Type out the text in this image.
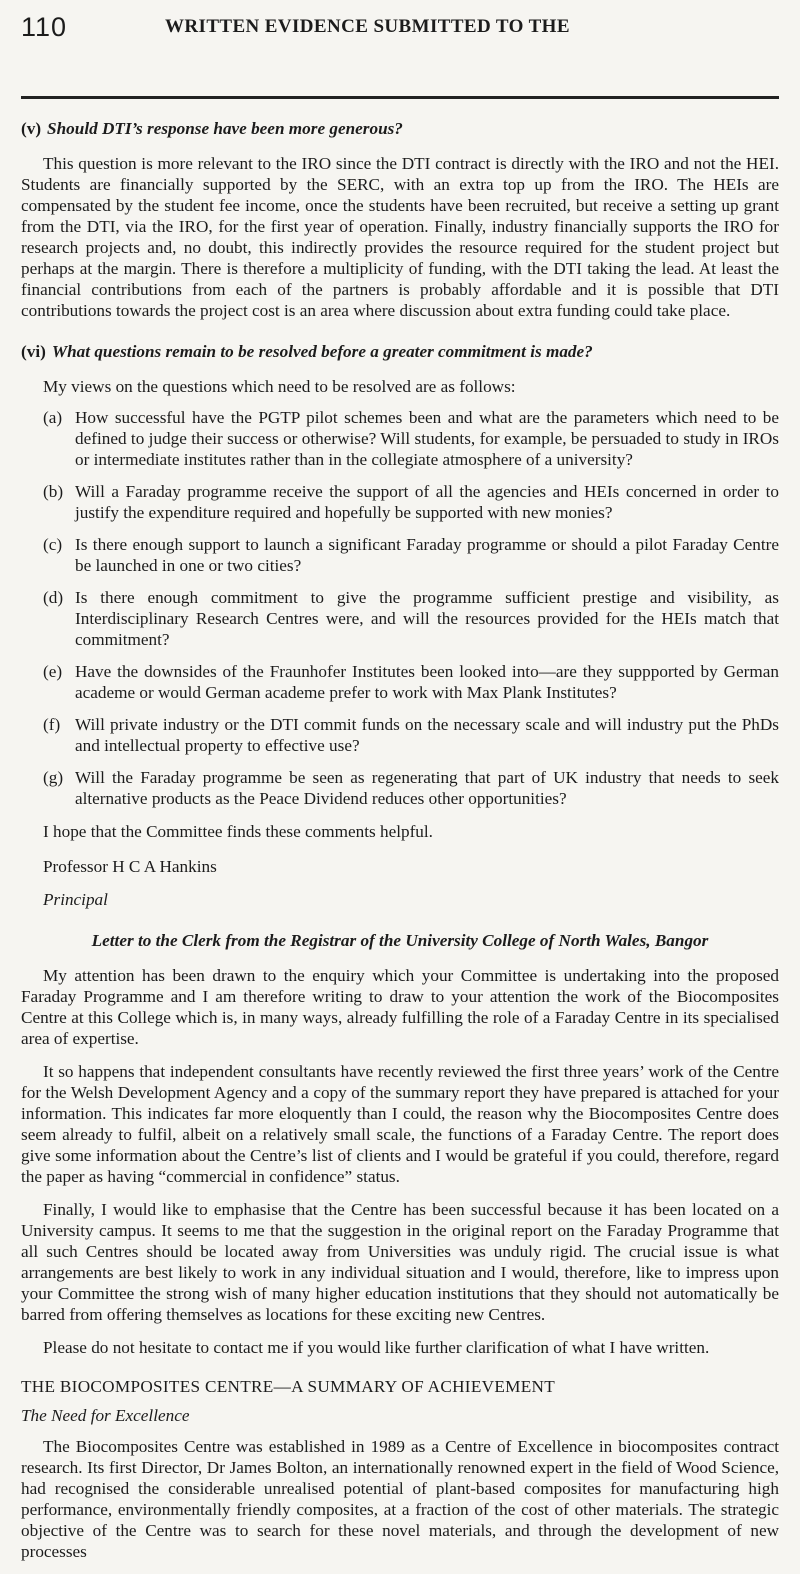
110	WRITTEN EVIDENCE SUBMITTED TO THE
(v) Should DTI’s response have been more generous?

This question is more relevant to the IRO since the DTI contract is directly with the IRO and not the HEI. Students are financially supported by the SERC, with an extra top up from the IRO. The HEIs are compensated by the student fee income, once the students have been recruited, but receive a setting up grant from the DTI, via the IRO, for the first year of operation. Finally, industry financially supports the IRO for research projects and, no doubt, this indirectly provides the resource required for the student project but perhaps at the margin. There is therefore a multiplicity of funding, with the DTI taking the lead. At least the financial contributions from each of the partners is probably affordable and it is possible that DTI contributions towards the project cost is an area where discussion about extra funding could take place.

(vi) What questions remain to be resolved before a greater commitment is made?

My views on the questions which need to be resolved are as follows:

(a) How successful have the PGTP pilot schemes been and what are the parameters which need to be defined to judge their success or otherwise? Will students, for example, be persuaded to study in IROs or intermediate institutes rather than in the collegiate atmosphere of a university?
(b) Will a Faraday programme receive the support of all the agencies and HEIs concerned in order to justify the expenditure required and hopefully be supported with new monies?
(c) Is there enough support to launch a significant Faraday programme or should a pilot Faraday Centre be launched in one or two cities?
(d) Is there enough commitment to give the programme sufficient prestige and visibility, as Interdisciplinary Research Centres were, and will the resources provided for the HEIs match that commitment?
(e) Have the downsides of the Fraunhofer Institutes been looked into—are they suppported by German academe or would German academe prefer to work with Max Plank Institutes?
(f) Will private industry or the DTI commit funds on the necessary scale and will industry put the PhDs and intellectual property to effective use?
(g) Will the Faraday programme be seen as regenerating that part of UK industry that needs to seek alternative products as the Peace Dividend reduces other opportunities?

I hope that the Committee finds these comments helpful.

Professor H C A Hankins
Principal
Letter to the Clerk from the Registrar of the University College of North Wales, Bangor

My attention has been drawn to the enquiry which your Committee is undertaking into the proposed Faraday Programme and I am therefore writing to draw to your attention the work of the Biocomposites Centre at this College which is, in many ways, already fulfilling the role of a Faraday Centre in its specialised area of expertise.

It so happens that independent consultants have recently reviewed the first three years’ work of the Centre for the Welsh Development Agency and a copy of the summary report they have prepared is attached for your information. This indicates far more eloquently than I could, the reason why the Biocomposites Centre does seem already to fulfil, albeit on a relatively small scale, the functions of a Faraday Centre. The report does give some information about the Centre’s list of clients and I would be grateful if you could, therefore, regard the paper as having “commercial in confidence” status.

Finally, I would like to emphasise that the Centre has been successful because it has been located on a University campus. It seems to me that the suggestion in the original report on the Faraday Programme that all such Centres should be located away from Universities was unduly rigid. The crucial issue is what arrangements are best likely to work in any individual situation and I would, therefore, like to impress upon your Committee the strong wish of many higher education institutions that they should not automatically be barred from offering themselves as locations for these exciting new Centres.

Please do not hesitate to contact me if you would like further clarification of what I have written.

THE BIOCOMPOSITES CENTRE—A SUMMARY OF ACHIEVEMENT
The Need for Excellence

The Biocomposites Centre was established in 1989 as a Centre of Excellence in biocomposites contract research. Its first Director, Dr James Bolton, an internationally renowned expert in the field of Wood Science, had recognised the considerable unrealised potential of plant-based composites for manufacturing high performance, environmentally friendly composites, at a fraction of the cost of other materials. The strategic objective of the Centre was to search for these novel materials, and through the development of new processes
